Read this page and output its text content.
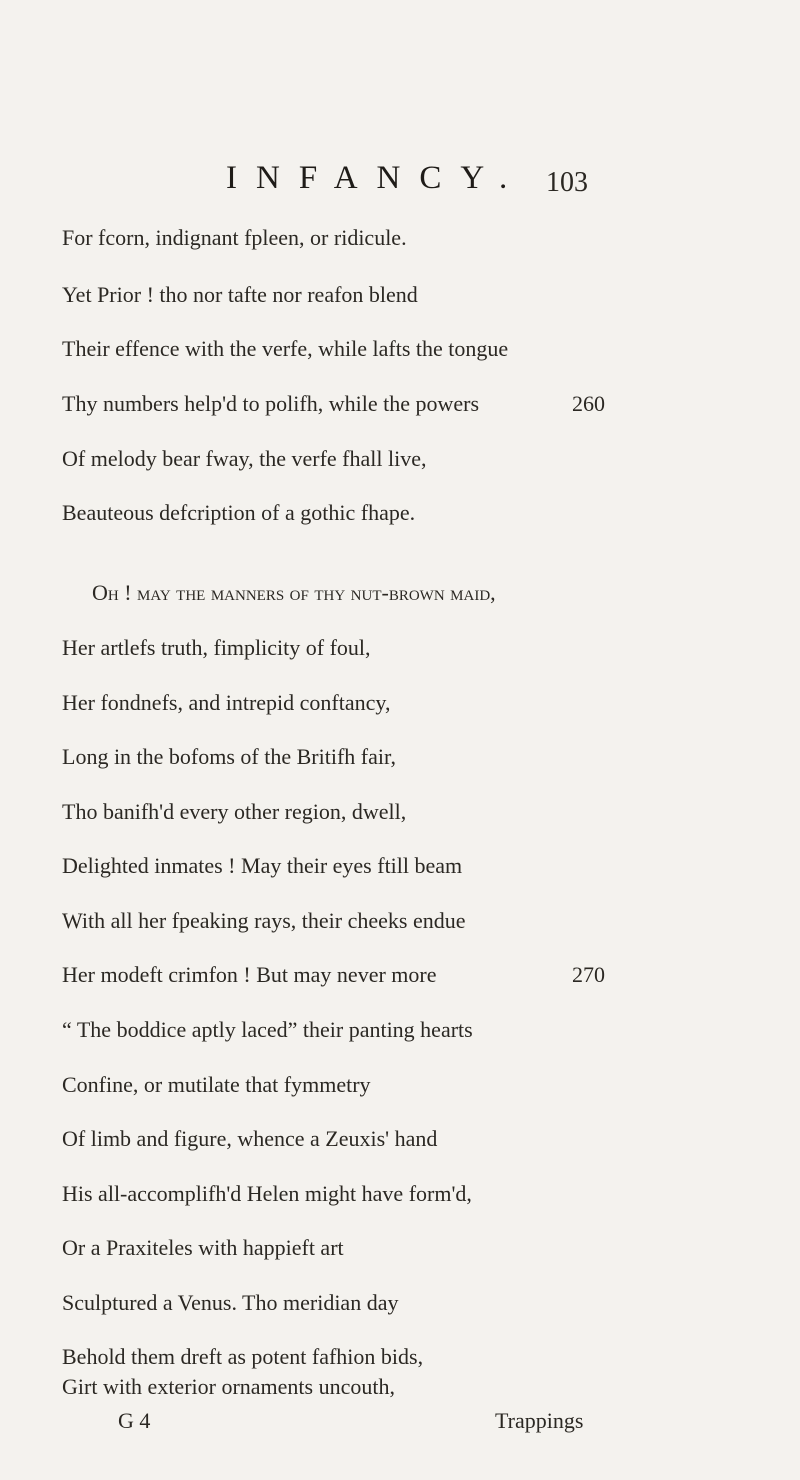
INFANCY. 103
For fcorn, indignant fpleen, or ridicule.
Yet Prior ! tho nor tafte nor reafon blend
Their effence with the verfe, while lafts the tongue
Thy numbers help'd to polifh, while the powers	260
Of melody bear fway, the verfe fhall live,
Beauteous defcription of a gothic fhape.
Oh ! may the manners of thy nut-brown maid,
Her artlefs truth, fimplicity of foul,
Her fondnefs, and intrepid conftancy,
Long in the bofoms of the Britifh fair,
Tho banifh'd every other region, dwell,
Delighted inmates ! May their eyes ftill beam
With all her fpeaking rays, their cheeks endue
Her modeft crimfon ! But may never more	270
“ The boddice aptly laced” their panting hearts
Confine, or mutilate that fymmetry
Of limb and figure, whence a Zeuxis' hand
His all-accomplifh'd Helen might have form'd,
Or a Praxiteles with happieft art
Sculptured a Venus. Tho meridian day
Behold them dreft as potent fafhion bids,
Girt with exterior ornaments uncouth,
G 4	Trappings
